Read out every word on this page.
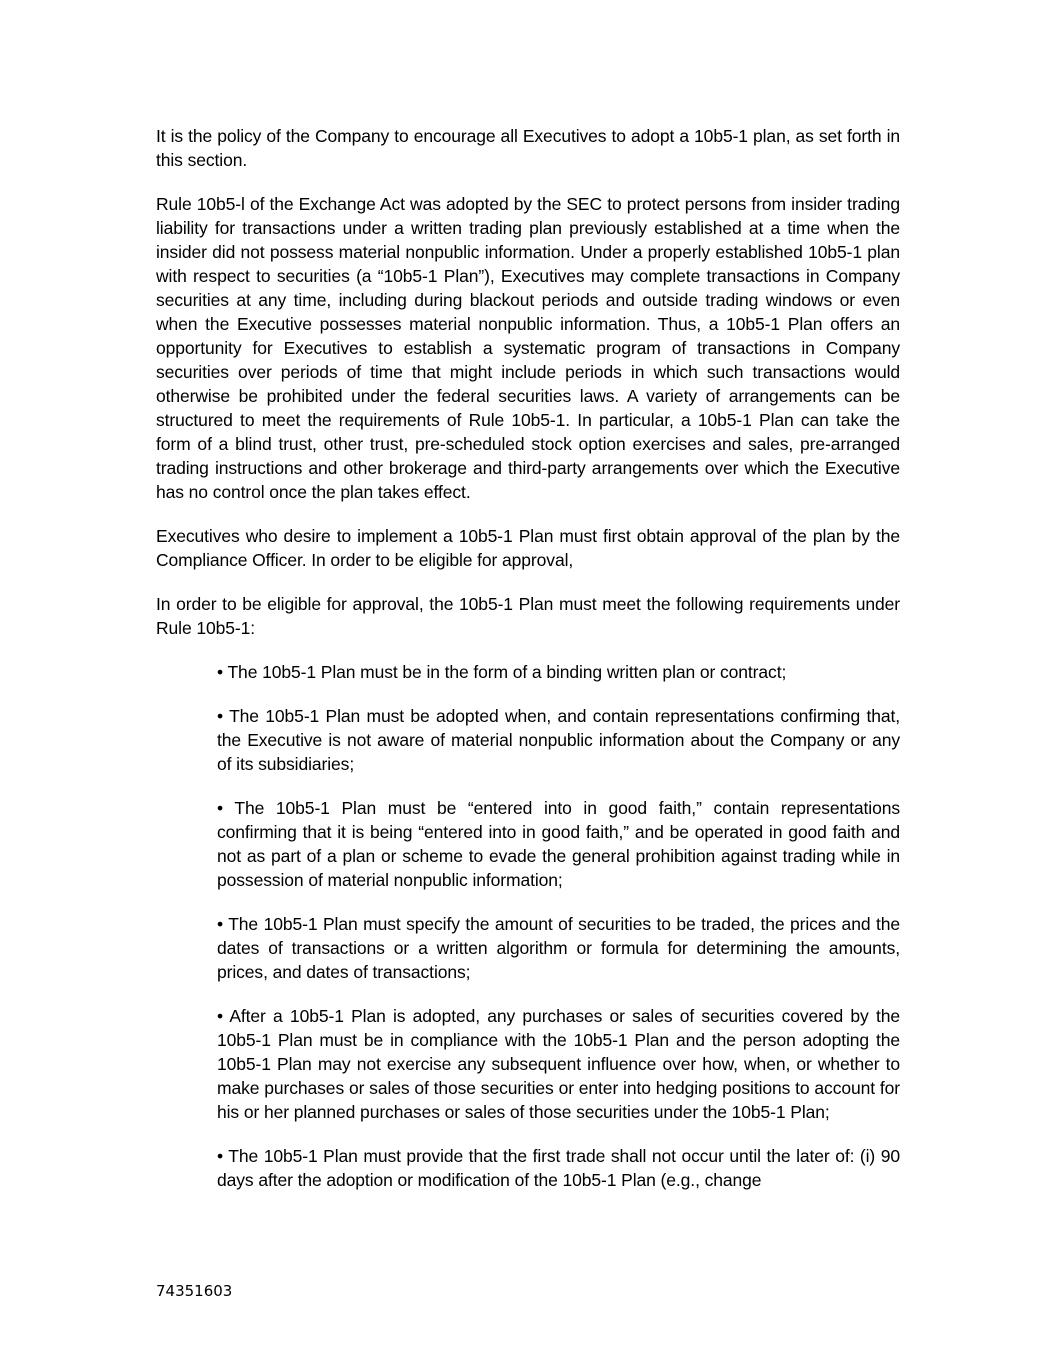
It is the policy of the Company to encourage all Executives to adopt a 10b5-1 plan, as set forth in this section.

Rule 10b5-l of the Exchange Act was adopted by the SEC to protect persons from insider trading liability for transactions under a written trading plan previously established at a time when the insider did not possess material nonpublic information. Under a properly established 10b5-1 plan with respect to securities (a “10b5-1 Plan”), Executives may complete transactions in Company securities at any time, including during blackout periods and outside trading windows or even when the Executive possesses material nonpublic information. Thus, a 10b5-1 Plan offers an opportunity for Executives to establish a systematic program of transactions in Company securities over periods of time that might include periods in which such transactions would otherwise be prohibited under the federal securities laws. A variety of arrangements can be structured to meet the requirements of Rule 10b5-1. In particular, a 10b5-1 Plan can take the form of a blind trust, other trust, pre-scheduled stock option exercises and sales, pre-arranged trading instructions and other brokerage and third-party arrangements over which the Executive has no control once the plan takes effect.

Executives who desire to implement a 10b5-1 Plan must first obtain approval of the plan by the Compliance Officer. In order to be eligible for approval,

In order to be eligible for approval, the 10b5-1 Plan must meet the following requirements under Rule 10b5-1:

• The 10b5-1 Plan must be in the form of a binding written plan or contract;

• The 10b5-1 Plan must be adopted when, and contain representations confirming that, the Executive is not aware of material nonpublic information about the Company or any of its subsidiaries;

• The 10b5-1 Plan must be “entered into in good faith,” contain representations confirming that it is being “entered into in good faith,” and be operated in good faith and not as part of a plan or scheme to evade the general prohibition against trading while in possession of material nonpublic information;

• The 10b5-1 Plan must specify the amount of securities to be traded, the prices and the dates of transactions or a written algorithm or formula for determining the amounts, prices, and dates of transactions;

• After a 10b5-1 Plan is adopted, any purchases or sales of securities covered by the 10b5-1 Plan must be in compliance with the 10b5-1 Plan and the person adopting the 10b5-1 Plan may not exercise any subsequent influence over how, when, or whether to make purchases or sales of those securities or enter into hedging positions to account for his or her planned purchases or sales of those securities under the 10b5-1 Plan;

• The 10b5-1 Plan must provide that the first trade shall not occur until the later of: (i) 90 days after the adoption or modification of the 10b5-1 Plan (e.g., change

74351603
